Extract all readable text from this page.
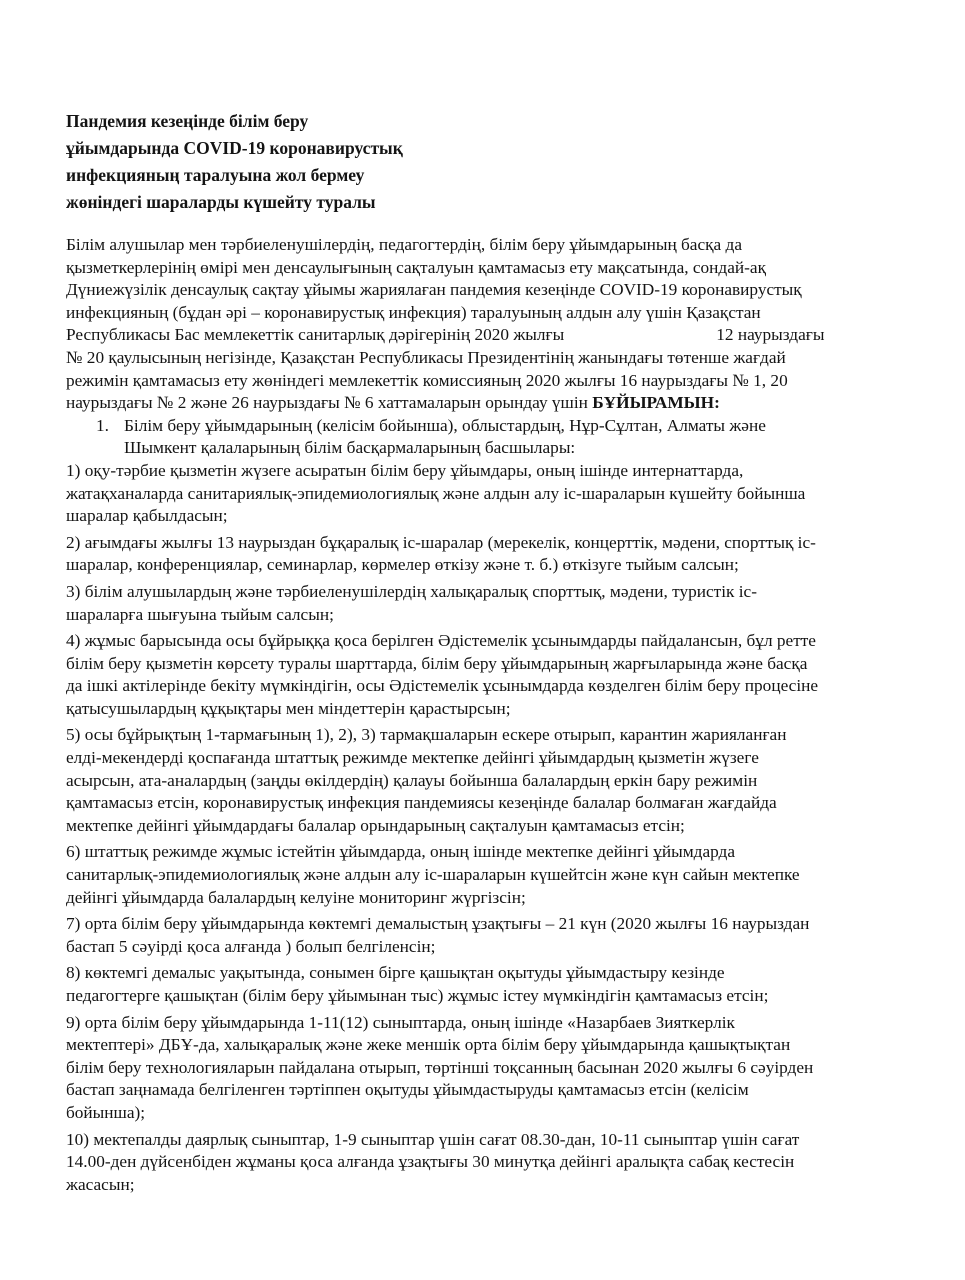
Пандемия кезеңінде білім беру
ұйымдарында COVID-19 коронавирустық
инфекцияның таралуына жол бермеу
жөніндегі шараларды күшейту туралы
Білім алушылар мен тәрбиеленушілердің, педагогтердің, білім беру ұйымдарының басқа да
қызметкерлерінің өмірі мен денсаулығының сақталуын қамтамасыз ету мақсатында, сондай-ақ
Дүниежүзілік денсаулық сақтау ұйымы жариялаған пандемия кезеңінде COVID-19 коронавирустық
инфекцияның (бұдан әрі – коронавирустық инфекция) таралуының алдын алу үшін Қазақстан
Республикасы Бас мемлекеттік санитарлық дәрігерінің 2020 жылғы	12 наурыздағы
№ 20 қаулысының негізінде, Қазақстан Республикасы Президентінің жанындағы төтенше жағдай
режимін қамтамасыз ету жөніндегі мемлекеттік комиссияның 2020 жылғы 16 наурыздағы № 1, 20
наурыздағы № 2 және 26 наурыздағы № 6 хаттамаларын орындау үшін БҰЙЫРАМЫН:
1. Білім беру ұйымдарының (келісім бойынша), облыстардың, Нұр-Сұлтан, Алматы және
Шымкент қалаларының білім басқармаларының басшылары:
1) оқу-тәрбие қызметін жүзеге асыратын білім беру ұйымдары, оның ішінде интернаттарда,
жатақханаларда санитариялық-эпидемиологиялық және алдын алу іс-шараларын күшейту бойынша
шаралар қабылдасын;
2) ағымдағы жылғы 13 наурыздан бұқаралық іс-шаралар (мерекелік, концерттік, мәдени, спорттық іс-
шаралар, конференциялар, семинарлар, көрмелер өткізу және т. б.) өткізуге тыйым салсын;
3) білім алушылардың және тәрбиеленушілердің халықаралық спорттық, мәдени, туристік іс-
шараларға шығуына тыйым салсын;
4) жұмыс барысында осы бұйрыққа қоса берілген Әдістемелік ұсынымдарды пайдалансын, бұл ретте
білім беру қызметін көрсету туралы шарттарда, білім беру ұйымдарының жарғыларында және басқа
да ішкі актілерінде бекіту мүмкіндігін, осы Әдістемелік ұсынымдарда көзделген білім беру процесіне
қатысушылардың құқықтары мен міндеттерін қарастырсын;
5) осы бұйрықтың 1-тармағының 1), 2), 3) тармақшаларын ескере отырып, карантин жарияланған
елді-мекендерді қоспағанда штаттық режимде мектепке дейінгі ұйымдардың қызметін жүзеге
асырсын, ата-аналардың (заңды өкілдердің) қалауы бойынша балалардың еркін бару режимін
қамтамасыз етсін, коронавирустық инфекция пандемиясы кезеңінде балалар болмаған жағдайда
мектепке дейінгі ұйымдардағы балалар орындарының сақталуын қамтамасыз етсін;
6) штаттық режимде жұмыс істейтін ұйымдарда, оның ішінде мектепке дейінгі ұйымдарда
санитарлық-эпидемиологиялық және алдын алу іс-шараларын күшейтсін және күн сайын мектепке
дейінгі ұйымдарда балалардың келуіне мониторинг жүргізсін;
7) орта білім беру ұйымдарында көктемгі демалыстың ұзақтығы – 21 күн (2020 жылғы 16 наурыздан
бастап 5 сәуірді қоса алғанда ) болып белгіленсін;
8) көктемгі демалыс уақытында, сонымен бірге қашықтан оқытуды ұйымдастыру кезінде
педагогтерге қашықтан (білім беру ұйымынан тыс) жұмыс істеу мүмкіндігін қамтамасыз етсін;
9) орта білім беру ұйымдарында 1-11(12) сыныптарда, оның ішінде «Назарбаев Зияткерлік
мектептері» ДБҰ-да, халықаралық және жеке меншік орта білім беру ұйымдарында қашықтықтан
білім беру технологияларын пайдалана отырып, төртінші тоқсанның басынан 2020 жылғы 6 сәуірден
бастап заңнамада белгіленген тәртіппен оқытуды ұйымдастыруды қамтамасыз етсін (келісім
бойынша);
10) мектепалды даярлық сыныптар, 1-9 сыныптар үшін сағат 08.30-дан, 10-11 сыныптар үшін сағат
14.00-ден дүйсенбіден жұманы қоса алғанда ұзақтығы 30 минутқа дейінгі аралықта сабақ кестесін
жасасын;
